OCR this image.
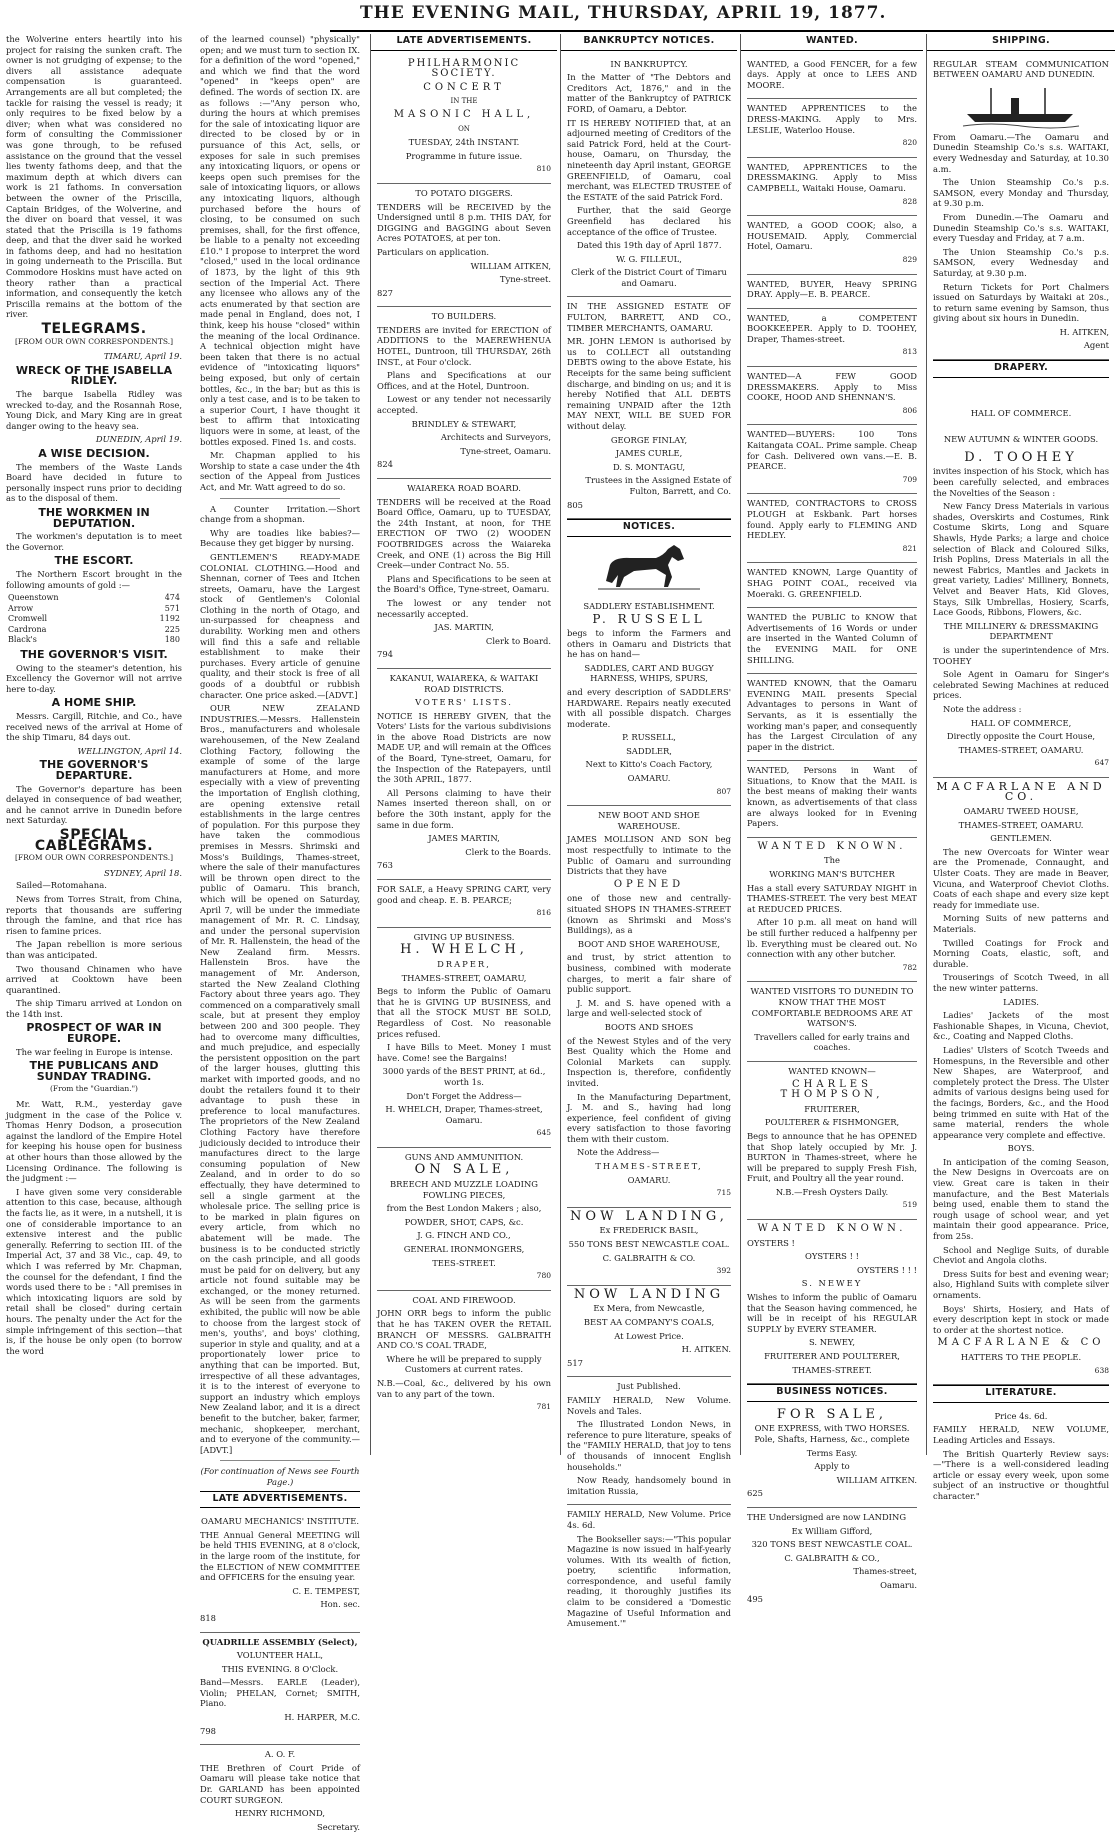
THE EVENING MAIL, THURSDAY, APRIL 19, 1877.

the Wolverine enters heartily into his project for raising the sunken craft. The owner is not grudging of expense; to the divers all assistance adequate compensation is guaranteed. Arrangements are all but completed; the tackle for raising the vessel is ready; it only requires to be fixed below by a diver; when what was considered no form of consulting the Commissioner was gone through, to be refused assistance on the ground that the vessel lies twenty fathoms deep, and that the maximum depth at which divers can work is 21 fathoms. In conversation between the owner of the Priscilla, Captain Bridges, of the Wolverine, and the diver on board that vessel, it was stated that the Priscilla is 19 fathoms deep, and that the diver said he worked in fathoms deep, and had no hesitation in going underneath to the Priscilla. But Commodore Hoskins must have acted on theory rather than a practical information, and consequently the ketch Priscilla remains at the bottom of the river.

TELEGRAMS.
[FROM OUR OWN CORRESPONDENTS.]
TIMARU, April 19.
WRECK OF THE ISABELLA RIDLEY.

The barque Isabella Ridley was wrecked to-day, and the Rosannah Rose, Young Dick, and Mary King are in great danger owing to the heavy sea.

DUNEDIN, April 19.
A WISE DECISION.

The members of the Waste Lands Board have decided in future to personally inspect runs prior to deciding as to the disposal of them.

THE WORKMEN IN DEPUTATION.

The workmen's deputation is to meet the Governor.

THE ESCORT.

The Northern Escort brought in the following amounts of gold :—

Queenstown	474
Arrow	571
Cromwell	1192
Cardrona	225
Black's	180
THE GOVERNOR'S VISIT.

Owing to the steamer's detention, his Excellency the Governor will not arrive here to-day.

A HOME SHIP.

Messrs. Cargill, Ritchie, and Co., have received news of the arrival at Home of the ship Timaru, 84 days out.

WELLINGTON, April 14.
THE GOVERNOR'S DEPARTURE.

The Governor's departure has been delayed in consequence of bad weather, and he cannot arrive in Dunedin before next Saturday.

SPECIAL CABLEGRAMS.
[FROM OUR OWN CORRESPONDENTS.]
SYDNEY, April 18.

Sailed—Rotomahana.

News from Torres Strait, from China, reports that thousands are suffering through the famine, and that rice has risen to famine prices.

The Japan rebellion is more serious than was anticipated.

Two thousand Chinamen who have arrived at Cooktown have been quarantined.

The ship Timaru arrived at London on the 14th inst.

PROSPECT OF WAR IN EUROPE.

The war feeling in Europe is intense.

THE PUBLICANS AND SUNDAY TRADING.
(From the "Guardian.")

Mr. Watt, R.M., yesterday gave judgment in the case of the Police v. Thomas Henry Dodson, a prosecution against the landlord of the Empire Hotel for keeping his house open for business at other hours than those allowed by the Licensing Ordinance. The following is the judgment :—

I have given some very considerable attention to this case, because, although the facts lie, as it were, in a nutshell, it is one of considerable importance to an extensive interest and the public generally. Referring to section III. of the Imperial Act, 37 and 38 Vic., cap. 49, to which I was referred by Mr. Chapman, the counsel for the defendant, I find the words used there to be : "All premises in which intoxicating liquors are sold by retail shall be closed" during certain hours. The penalty under the Act for the simple infringement of this section—that is, if the house be only open (to borrow the word

of the learned counsel) "physically" open; and we must turn to section IX. for a definition of the word "opened," and which we find that the word "opened" in "keeps open" are defined. The words of section IX. are as follows :—"Any person who, during the hours at which premises for the sale of intoxicating liquor are directed to be closed by or in pursuance of this Act, sells, or exposes for sale in such premises any intoxicating liquors, or opens or keeps open such premises for the sale of intoxicating liquors, or allows any intoxicating liquors, although purchased before the hours of closing, to be consumed on such premises, shall, for the first offence, be liable to a penalty not exceeding £10." I propose to interpret the word "closed," used in the local ordinance of 1873, by the light of this 9th section of the Imperial Act. There any licensee who allows any of the acts enumerated by that section are made penal in England, does not, I think, keep his house "closed" within the meaning of the local Ordinance. A technical objection might have been taken that there is no actual evidence of "intoxicating liquors" being exposed, but only of certain bottles, &c., in the bar; but as this is only a test case, and is to be taken to a superior Court, I have thought it best to affirm that intoxicating liquors were in some, at least, of the bottles exposed. Fined 1s. and costs.

Mr. Chapman applied to his Worship to state a case under the 4th section of the Appeal from Justices Act, and Mr. Watt agreed to do so.

A Counter Irritation.—Short change from a shopman.

Why are toadies like babies?—Because they get bigger by nursing.

GENTLEMEN'S READY-MADE COLONIAL CLOTHING.—Hood and Shennan, corner of Tees and Itchen streets, Oamaru, have the Largest stock of Gentlemen's Colonial Clothing in the north of Otago, and un-surpassed for cheapness and durability. Working men and others will find this a safe and reliable establishment to make their purchases. Every article of genuine quality, and their stock is free of all goods of a doubtful or rubbish character. One price asked.—[ADVT.]

OUR NEW ZEALAND INDUSTRIES.—Messrs. Hallenstein Bros., manufacturers and wholesale warehousemen, of the New Zealand Clothing Factory, following the example of some of the large manufacturers at Home, and more especially with a view of preventing the importation of English clothing, are opening extensive retail establishments in the large centres of population. For this purpose they have taken the commodious premises in Messrs. Shrimski and Moss's Buildings, Thames-street, where the sale of their manufactures will be thrown open direct to the public of Oamaru. This branch, which will be opened on Saturday, April 7, will be under the immediate management of Mr. R. C. Lindsay, and under the personal supervision of Mr. R. Hallenstein, the head of the New Zealand firm. Messrs. Hallenstein Bros. have the management of Mr. Anderson, started the New Zealand Clothing Factory about three years ago. They commenced on a comparatively small scale, but at present they employ between 200 and 300 people. They had to overcome many difficulties, and much prejudice, and especially the persistent opposition on the part of the larger houses, glutting this market with imported goods, and no doubt the retailers found it to their advantage to push these in preference to local manufactures. The proprietors of the New Zealand Clothing Factory have therefore judiciously decided to introduce their manufactures direct to the large consuming population of New Zealand, and in order to do so effectually, they have determined to sell a single garment at the wholesale price. The selling price is to be marked in plain figures on every article, from which no abatement will be made. The business is to be conducted strictly on the cash principle, and all goods must be paid for on delivery, but any article not found suitable may be exchanged, or the money returned. As will be seen from the garments exhibited, the public will now be able to choose from the largest stock of men's, youths', and boys' clothing, superior in style and quality, and at a proportionately lower price to anything that can be imported. But, irrespective of all these advantages, it is to the interest of everyone to support an industry which employs New Zealand labor, and it is a direct benefit to the butcher, baker, farmer, mechanic, shopkeeper, merchant, and to everyone of the community.—[ADVT.]

(For continuation of News see Fourth Page.)

LATE ADVERTISEMENTS.

OAMARU MECHANICS' INSTITUTE.

THE Annual General MEETING will be held THIS EVENING, at 8 o'clock, in the large room of the institute, for the ELECTION of NEW COMMITTEE and OFFICERS for the ensuing year.

C. E. TEMPEST,

Hon. sec.

818

QUADRILLE ASSEMBLY (Select),

VOLUNTEER HALL,

THIS EVENING. 8 O'Clock.

Band—Messrs. EARLE (Leader), Violin; PHELAN, Cornet; SMITH, Piano.

H. HARPER, M.C.

798

A. O. F.

THE Brethren of Court Pride of Oamaru will please take notice that Dr. GARLAND has been appointed COURT SURGEON.

HENRY RICHMOND,

Secretary.

LATE ADVERTISEMENTS.

PHILHARMONIC SOCIETY.

CONCERT

IN THE

MASONIC HALL,

ON

TUESDAY, 24th INSTANT.

Programme in future issue.

810

TO POTATO DIGGERS.

TENDERS will be RECEIVED by the Undersigned until 8 p.m. THIS DAY, for DIGGING and BAGGING about Seven Acres POTATOES, at per ton.

Particulars on application.

WILLIAM AITKEN,

Tyne-street.

827

TO BUILDERS.

TENDERS are invited for ERECTION of ADDITIONS to the MAEREWHENUA HOTEL, Duntroon, till THURSDAY, 26th INST., at Four o'clock.

Plans and Specifications at our Offices, and at the Hotel, Duntroon.

Lowest or any tender not necessarily accepted.

BRINDLEY & STEWART,

Architects and Surveyors,

Tyne-street, Oamaru.

824

WAIAREKA ROAD BOARD.

TENDERS will be received at the Road Board Office, Oamaru, up to TUESDAY, the 24th Instant, at noon, for THE ERECTION OF TWO (2) WOODEN FOOTBRIDGES across the Waiareka Creek, and ONE (1) across the Big Hill Creek—under Contract No. 55.

Plans and Specifications to be seen at the Board's Office, Tyne-street, Oamaru.

The lowest or any tender not necessarily accepted.

JAS. MARTIN,

Clerk to Board.

794

KAKANUI, WAIAREKA, & WAITAKI ROAD DISTRICTS.

VOTERS' LISTS.

NOTICE IS HEREBY GIVEN, that the Voters' Lists for the various subdivisions in the above Road Districts are now MADE UP, and will remain at the Offices of the Board, Tyne-street, Oamaru, for the Inspection of the Ratepayers, until the 30th APRIL, 1877.

All Persons claiming to have their Names inserted thereon shall, on or before the 30th instant, apply for the same in due form.

JAMES MARTIN,

Clerk to the Boards.

763

FOR SALE, a Heavy SPRING CART, very good and cheap. E. B. PEARCE;

816

GIVING UP BUSINESS.

H. WHELCH,

DRAPER,

THAMES-STREET, OAMARU,

Begs to inform the Public of Oamaru that he is GIVING UP BUSINESS, and that all the STOCK MUST BE SOLD, Regardless of Cost. No reasonable prices refused.

I have Bills to Meet. Money I must have. Come! see the Bargains!

3000 yards of the BEST PRINT, at 6d., worth 1s.

Don't Forget the Address—

H. WHELCH, Draper, Thames-street, Oamaru.

645

GUNS AND AMMUNITION.

ON SALE,

BREECH AND MUZZLE LOADING FOWLING PIECES,

from the Best London Makers ; also,

POWDER, SHOT, CAPS, &c.

J. G. FINCH AND CO.,

GENERAL IRONMONGERS,

TEES-STREET.

780

COAL AND FIREWOOD.

JOHN ORR begs to inform the public that he has TAKEN OVER the RETAIL BRANCH OF MESSRS. GALBRAITH AND CO.'S COAL TRADE,

Where he will be prepared to supply Customers at current rates.

N.B.—Coal, &c., delivered by his own van to any part of the town.

781

BANKRUPTCY NOTICES.

IN BANKRUPTCY.

In the Matter of "The Debtors and Creditors Act, 1876," and in the matter of the Bankruptcy of PATRICK FORD, of Oamaru, a Debtor.

IT IS HEREBY NOTIFIED that, at an adjourned meeting of Creditors of the said Patrick Ford, held at the Court-house, Oamaru, on Thursday, the nineteenth day April instant, GEORGE GREENFIELD, of Oamaru, coal merchant, was ELECTED TRUSTEE of the ESTATE of the said Patrick Ford.

Further, that the said George Greenfield has declared his acceptance of the office of Trustee.

Dated this 19th day of April 1877.

W. G. FILLEUL,

Clerk of the District Court of Timaru and Oamaru.

IN THE ASSIGNED ESTATE OF FULTON, BARRETT, AND CO., TIMBER MERCHANTS, OAMARU.

MR. JOHN LEMON is authorised by us to COLLECT all outstanding DEBTS owing to the above Estate, his Receipts for the same being sufficient discharge, and binding on us; and it is hereby Notified that ALL DEBTS remaining UNPAID after the 12th MAY NEXT, WILL BE SUED FOR without delay.

GEORGE FINLAY,

JAMES CURLE,

D. S. MONTAGU,

Trustees in the Assigned Estate of Fulton, Barrett, and Co.

805

NOTICES.

SADDLERY ESTABLISHMENT.

P. RUSSELL

begs to inform the Farmers and others in Oamaru and Districts that he has on hand—

SADDLES, CART AND BUGGY HARNESS, WHIPS, SPURS,

and every description of SADDLERS' HARDWARE. Repairs neatly executed with all possible dispatch. Charges moderate.

P. RUSSELL,

SADDLER,

Next to Kitto's Coach Factory,

OAMARU.

807

NEW BOOT AND SHOE WAREHOUSE.

JAMES MOLLISON AND SON beg most respectfully to intimate to the Public of Oamaru and surrounding Districts that they have

OPENED

one of those new and centrally-situated SHOPS IN THAMES-STREET (known as Shrimski and Moss's Buildings), as a

BOOT AND SHOE WAREHOUSE,

and trust, by strict attention to business, combined with moderate charges, to merit a fair share of public support.

J. M. and S. have opened with a large and well-selected stock of

BOOTS AND SHOES

of the Newest Styles and of the very Best Quality which the Home and Colonial Markets can supply. Inspection is, therefore, confidently invited.

In the Manufacturing Department, J. M. and S., having had long experience, feel confident of giving every satisfaction to those favoring them with their custom.

Note the Address—

THAMES-STREET,

OAMARU.

715

NOW LANDING,

Ex FREDERICK BASIL,

550 TONS BEST NEWCASTLE COAL.

C. GALBRAITH & CO.

392

NOW LANDING

Ex Mera, from Newcastle,

BEST AA COMPANY'S COALS,

At Lowest Price.

H. AITKEN.

517

Just Published.

FAMILY HERALD, New Volume. Novels and Tales.

The Illustrated London News, in reference to pure literature, speaks of the "FAMILY HERALD, that joy to tens of thousands of innocent English households."

Now Ready, handsomely bound in imitation Russia,

FAMILY HERALD, New Volume. Price 4s. 6d.

The Bookseller says:—"This popular Magazine is now issued in half-yearly volumes. With its wealth of fiction, poetry, scientific information, correspondence, and useful family reading, it thoroughly justifies its claim to be considered a 'Domestic Magazine of Useful Information and Amusement.'"

WANTED.

WANTED, a Good FENCER, for a few days. Apply at once to LEES AND MOORE.

WANTED APPRENTICES to the DRESS-MAKING. Apply to Mrs. LESLIE, Waterloo House.

820

WANTED, APPRENTICES to the DRESSMAKING. Apply to Miss CAMPBELL, Waitaki House, Oamaru.

828

WANTED, a GOOD COOK; also, a HOUSEMAID. Apply, Commercial Hotel, Oamaru.

829

WANTED, BUYER, Heavy SPRING DRAY. Apply—E. B. PEARCE.

WANTED, a COMPETENT BOOKKEEPER. Apply to D. TOOHEY, Draper, Thames-street.

813

WANTED—A FEW GOOD DRESSMAKERS. Apply to Miss COOKE, HOOD AND SHENNAN'S.

806

WANTED—BUYERS: 100 Tons Kaitangata COAL. Prime sample. Cheap for Cash. Delivered own vans.—E. B. PEARCE.

709

WANTED, CONTRACTORS to CROSS PLOUGH at Eskbank. Part horses found. Apply early to FLEMING AND HEDLEY.

821

WANTED KNOWN, Large Quantity of SHAG POINT COAL, received via Moeraki. G. GREENFIELD.

WANTED the PUBLIC to KNOW that Advertisements of 16 Words or under are inserted in the Wanted Column of the EVENING MAIL for ONE SHILLING.

WANTED KNOWN, that the Oamaru EVENING MAIL presents Special Advantages to persons in Want of Servants, as it is essentially the working man's paper, and consequently has the Largest Circulation of any paper in the district.

WANTED, Persons in Want of Situations, to Know that the MAIL is the best means of making their wants known, as advertisements of that class are always looked for in Evening Papers.

WANTED KNOWN.

The

WORKING MAN'S BUTCHER

Has a stall every SATURDAY NIGHT in THAMES-STREET. The very best MEAT at REDUCED PRICES.

After 10 p.m. all meat on hand will be still further reduced a halfpenny per lb. Everything must be cleared out. No connection with any other butcher.

782

WANTED VISITORS TO DUNEDIN TO KNOW THAT THE MOST COMFORTABLE BEDROOMS ARE AT WATSON'S.

Travellers called for early trains and coaches.

WANTED KNOWN—

CHARLES THOMPSON,

FRUITERER,

POULTERER & FISHMONGER,

Begs to announce that he has OPENED that Shop lately occupied by Mr. J. BURTON in Thames-street, where he will be prepared to supply Fresh Fish, Fruit, and Poultry all the year round.

N.B.—Fresh Oysters Daily.

519

WANTED KNOWN.

OYSTERS !

OYSTERS ! !

OYSTERS ! ! !

S. NEWEY

Wishes to inform the public of Oamaru that the Season having commenced, he will be in receipt of his REGULAR SUPPLY by EVERY STEAMER.

S. NEWEY,

FRUITERER AND POULTERER,

THAMES-STREET.

BUSINESS NOTICES.

FOR SALE,

ONE EXPRESS, with TWO HORSES. Pole, Shafts, Harness, &c., complete

Terms Easy.

Apply to

WILLIAM AITKEN.

625

THE Undersigned are now LANDING

Ex William Gifford,

320 TONS BEST NEWCASTLE COAL.

C. GALBRAITH & CO.,

Thames-street,

Oamaru.

495

SHIPPING.

REGULAR STEAM COMMUNICATION BETWEEN OAMARU AND DUNEDIN.

From Oamaru.—The Oamaru and Dunedin Steamship Co.'s s.s. WAITAKI, every Wednesday and Saturday, at 10.30 a.m.

The Union Steamship Co.'s p.s. SAMSON, every Monday and Thursday, at 9.30 p.m.

From Dunedin.—The Oamaru and Dunedin Steamship Co.'s s.s. WAITAKI, every Tuesday and Friday, at 7 a.m.

The Union Steamship Co.'s p.s. SAMSON, every Wednesday and Saturday, at 9.30 p.m.

Return Tickets for Port Chalmers issued on Saturdays by Waitaki at 20s., to return same evening by Samson, thus giving about six hours in Dunedin.

H. AITKEN,

Agent

DRAPERY.

HALL OF COMMERCE.

NEW AUTUMN & WINTER GOODS.

D. TOOHEY

invites inspection of his Stock, which has been carefully selected, and embraces the Novelties of the Season :

New Fancy Dress Materials in various shades, Overskirts and Costumes, Rink Costume Skirts, Long and Square Shawls, Hyde Parks; a large and choice selection of Black and Coloured Silks, Irish Poplins, Dress Materials in all the newest Fabrics, Mantles and Jackets in great variety, Ladies' Millinery, Bonnets, Velvet and Beaver Hats, Kid Gloves, Stays, Silk Umbrellas, Hosiery, Scarfs, Lace Goods, Ribbons, Flowers, &c.

THE MILLINERY & DRESSMAKING DEPARTMENT

is under the superintendence of Mrs. TOOHEY

Sole Agent in Oamaru for Singer's celebrated Sewing Machines at reduced prices.

Note the address :

HALL OF COMMERCE,

Directly opposite the Court House,

THAMES-STREET, OAMARU.

647

MACFARLANE AND CO.

OAMARU TWEED HOUSE,

THAMES-STREET, OAMARU.

GENTLEMEN.

The new Overcoats for Winter wear are the Promenade, Connaught, and Ulster Coats. They are made in Beaver, Vicuna, and Waterproof Cheviot Cloths. Coats of each shape and every size kept ready for immediate use.

Morning Suits of new patterns and Materials.

Twilled Coatings for Frock and Morning Coats, elastic, soft, and durable.

Trouserings of Scotch Tweed, in all the new winter patterns.

LADIES.

Ladies' Jackets of the most Fashionable Shapes, in Vicuna, Cheviot, &c., Coating and Napped Cloths.

Ladies' Ulsters of Scotch Tweeds and Homespuns, in the Reversible and other New Shapes, are Waterproof, and completely protect the Dress. The Ulster admits of various designs being used for the facings, Borders, &c., and the Hood being trimmed en suite with Hat of the same material, renders the whole appearance very complete and effective.

BOYS.

In anticipation of the coming Season, the New Designs in Overcoats are on view. Great care is taken in their manufacture, and the Best Materials being used, enable them to stand the rough usage of school wear, and yet maintain their good appearance. Price, from 25s.

School and Neglige Suits, of durable Cheviot and Angola cloths.

Dress Suits for best and evening wear; also, Highland Suits with complete silver ornaments.

Boys' Shirts, Hosiery, and Hats of every description kept in stock or made to order at the shortest notice.

MACFARLANE & CO

HATTERS TO THE PEOPLE.

638

LITERATURE.

Price 4s. 6d.

FAMILY HERALD, NEW VOLUME, Leading Articles and Essays.

The British Quarterly Review says:—"There is a well-considered leading article or essay every week, upon some subject of an instructive or thoughtful character."
